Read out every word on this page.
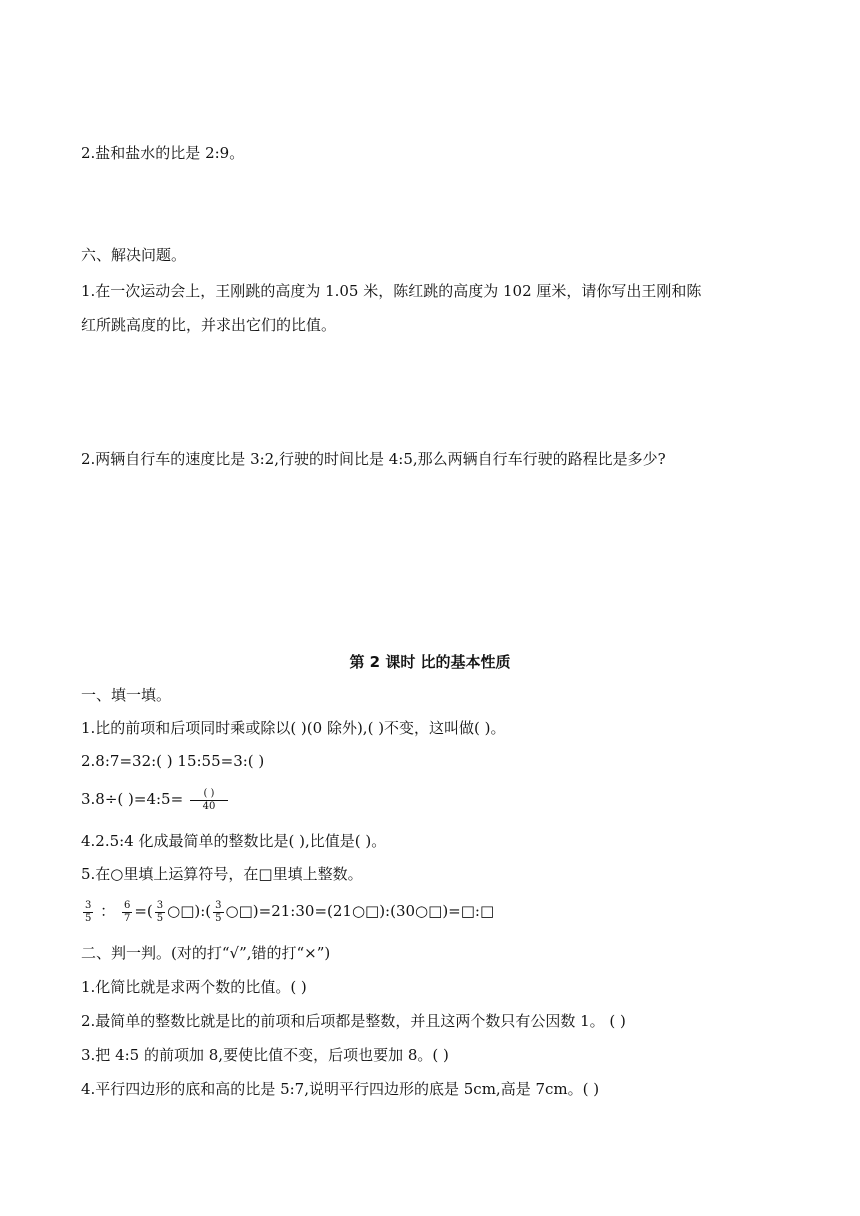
2.盐和盐水的比是 2:9。
六、解决问题。
1.在一次运动会上，王刚跳的高度为 1.05 米，陈红跳的高度为 102 厘米，请你写出王刚和陈
红所跳高度的比，并求出它们的比值。
2.两辆自行车的速度比是 3:2,行驶的时间比是 4:5,那么两辆自行车行驶的路程比是多少?
第 2 课时 比的基本性质
一、填一填。
1.比的前项和后项同时乘或除以( )(0 除外),( )不变，这叫做( )。
2.8:7=32:( ) 15:55=3:( )
3.8÷( )=4:5= $\frac{( )}{40}$
4.2.5:4 化成最简单的整数比是( ),比值是( )。
5.在○里填上运算符号，在□里填上整数。
$\frac{3}{5}$ ： $\frac{6}{7}$ =( $\frac{3}{5}$ ○□):( $\frac{3}{5}$ ○□)=21:30=(21○□):(30○□)=□:□
二、判一判。(对的打“√”,错的打“×”)
1.化简比就是求两个数的比值。( )
2.最简单的整数比就是比的前项和后项都是整数，并且这两个数只有公因数 1。 ( )
3.把 4:5 的前项加 8,要使比值不变，后项也要加 8。( )
4.平行四边形的底和高的比是 5:7,说明平行四边形的底是 5cm,高是 7cm。( )
